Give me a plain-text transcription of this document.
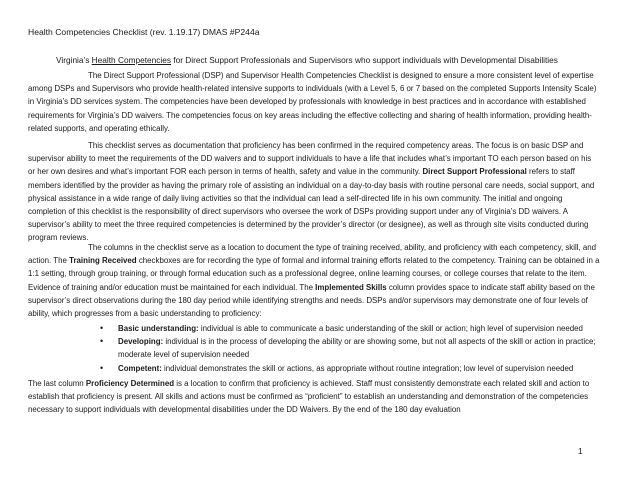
Health Competencies Checklist (rev. 1.19.17) DMAS #P244a
Virginia’s Health Competencies for Direct Support Professionals and Supervisors who support individuals with Developmental Disabilities

The Direct Support Professional (DSP) and Supervisor Health Competencies Checklist is designed to ensure a more consistent level of expertise among DSPs and Supervisors who provide health-related intensive supports to individuals (with a Level 5, 6 or 7 based on the completed Supports Intensity Scale) in Virginia’s DD services system. The competencies have been developed by professionals with knowledge in best practices and in accordance with established requirements for Virginia’s DD waivers. The competencies focus on key areas including the effective collecting and sharing of health information, providing health-related supports, and operating ethically.

This checklist serves as documentation that proficiency has been confirmed in the required competency areas. The focus is on basic DSP and supervisor ability to meet the requirements of the DD waivers and to support individuals to have a life that includes what’s important TO each person based on his or her own desires and what’s important FOR each person in terms of health, safety and value in the community. Direct Support Professional refers to staff members identified by the provider as having the primary role of assisting an individual on a day-to-day basis with routine personal care needs, social support, and physical assistance in a wide range of daily living activities so that the individual can lead a self-directed life in his own community. The initial and ongoing completion of this checklist is the responsibility of direct supervisors who oversee the work of DSPs providing support under any of Virginia’s DD waivers. A supervisor’s ability to meet the three required competencies is determined by the provider’s director (or designee), as well as through site visits conducted during program reviews.

The columns in the checklist serve as a location to document the type of training received, ability, and proficiency with each competency, skill, and action. The Training Received checkboxes are for recording the type of formal and informal training efforts related to the competency. Training can be obtained in a 1:1 setting, through group training, or through formal education such as a professional degree, online learning courses, or college courses that relate to the item. Evidence of training and/or education must be maintained for each individual. The Implemented Skills column provides space to indicate staff ability based on the supervisor’s direct observations during the 180 day period while identifying strengths and needs. DSPs and/or supervisors may demonstrate one of four levels of ability, which progresses from a basic understanding to proficiency:

• Basic understanding: individual is able to communicate a basic understanding of the skill or action; high level of supervision needed
• Developing: individual is in the process of developing the ability or are showing some, but not all aspects of the skill or action in practice; moderate level of supervision needed
• Competent: individual demonstrates the skill or actions, as appropriate without routine integration; low level of supervision needed

The last column Proficiency Determined is a location to confirm that proficiency is achieved. Staff must consistently demonstrate each related skill and action to establish that proficiency is present. All skills and actions must be confirmed as “proficient” to establish an understanding and demonstration of the competencies necessary to support individuals with developmental disabilities under the DD Waivers. By the end of the 180 day evaluation

1
